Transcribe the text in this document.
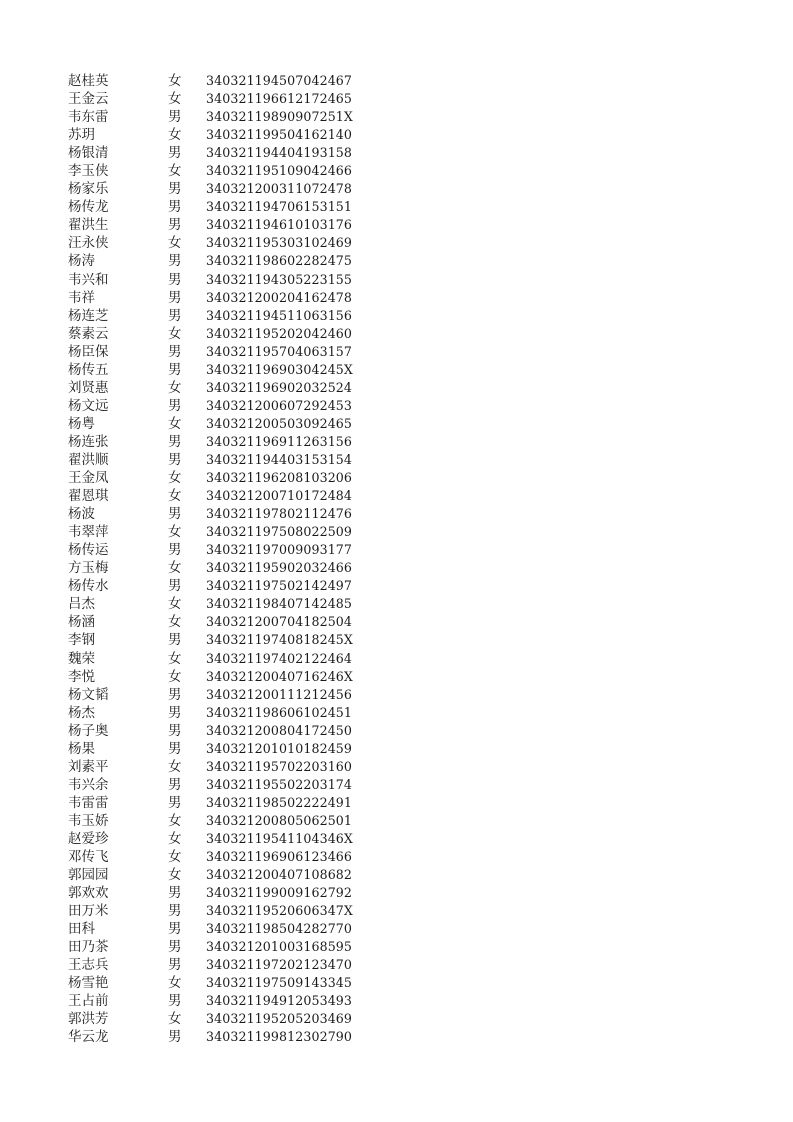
赵桂英	女 340321194507042467
王金云	女 340321196612172465
韦东雷	男 34032119890907251X
苏玥	女 340321199504162140
杨银清	男 340321194404193158
李玉侠	女 340321195109042466
杨家乐	男 340321200311072478
杨传龙	男 340321194706153151
翟洪生	男 340321194610103176
汪永侠	女 340321195303102469
杨涛	男 340321198602282475
韦兴和	男 340321194305223155
韦祥	男 340321200204162478
杨连芝	男 340321194511063156
蔡素云	女 340321195202042460
杨臣保	男 340321195704063157
杨传五	男 34032119690304245X
刘贤惠	女 340321196902032524
杨文远	男 340321200607292453
杨粤	女 340321200503092465
杨连张	男 340321196911263156
翟洪顺	男 340321194403153154
王金凤	女 340321196208103206
翟恩琪	女 340321200710172484
杨波	男 340321197802112476
韦翠萍	女 340321197508022509
杨传运	男 340321197009093177
方玉梅	女 340321195902032466
杨传水	男 340321197502142497
吕杰	女 340321198407142485
杨涵	女 340321200704182504
李钢	男 34032119740818245X
魏荣	女 340321197402122464
李悦	女 34032120040716246X
杨文韬	男 340321200111212456
杨杰	男 340321198606102451
杨子奥	男 340321200804172450
杨果	男 340321201010182459
刘素平	女 340321195702203160
韦兴余	男 340321195502203174
韦雷雷	男 340321198502222491
韦玉娇	女 340321200805062501
赵爱珍	女 34032119541104346X
邓传飞	女 340321196906123466
郭园园	女 340321200407108682
郭欢欢	男 340321199009162792
田万米	男 34032119520606347X
田科	男 340321198504282770
田乃茶	男 340321201003168595
王志兵	男 340321197202123470
杨雪艳	女 340321197509143345
王占前	男 340321194912053493
郭洪芳	女 340321195205203469
华云龙	男 340321199812302790
